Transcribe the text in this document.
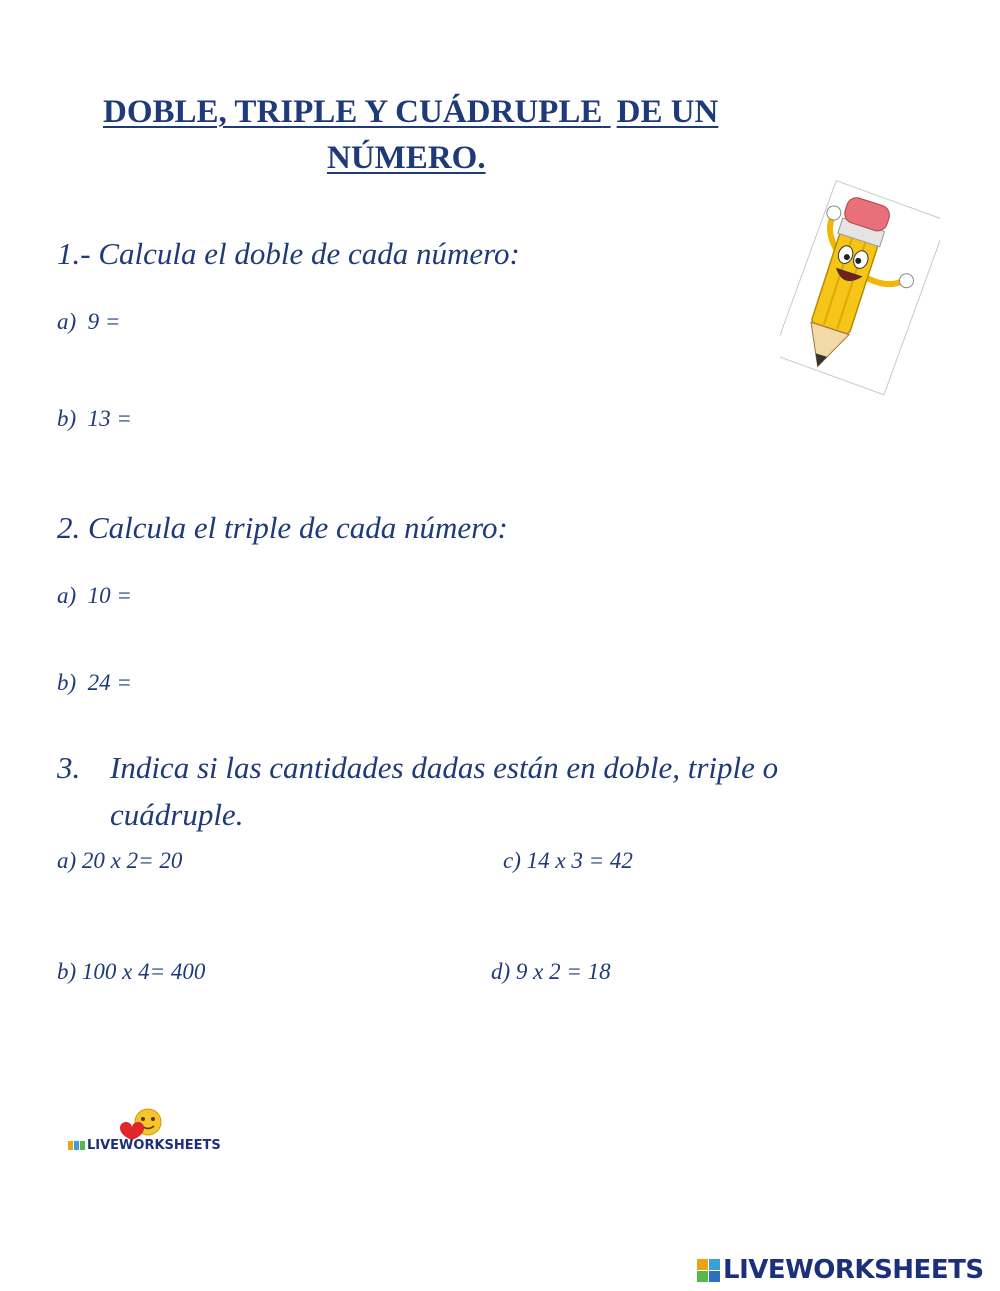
DOBLE, TRIPLE Y CUÁDRUPLE DE UN
NÚMERO.
1.- Calcula el doble de cada número:
a) 9 =
b) 13 =
2. Calcula el triple de cada número:
a) 10 =
b) 24 =
3. Indica si las cantidades dadas están en doble, triple o
cuádruple.
a) 20 x 2= 20	c) 14 x 3 = 42
b) 100 x 4= 400	d) 9 x 2 = 18
LIVEWORKSHEETS
LIVEWORKSHEETS
